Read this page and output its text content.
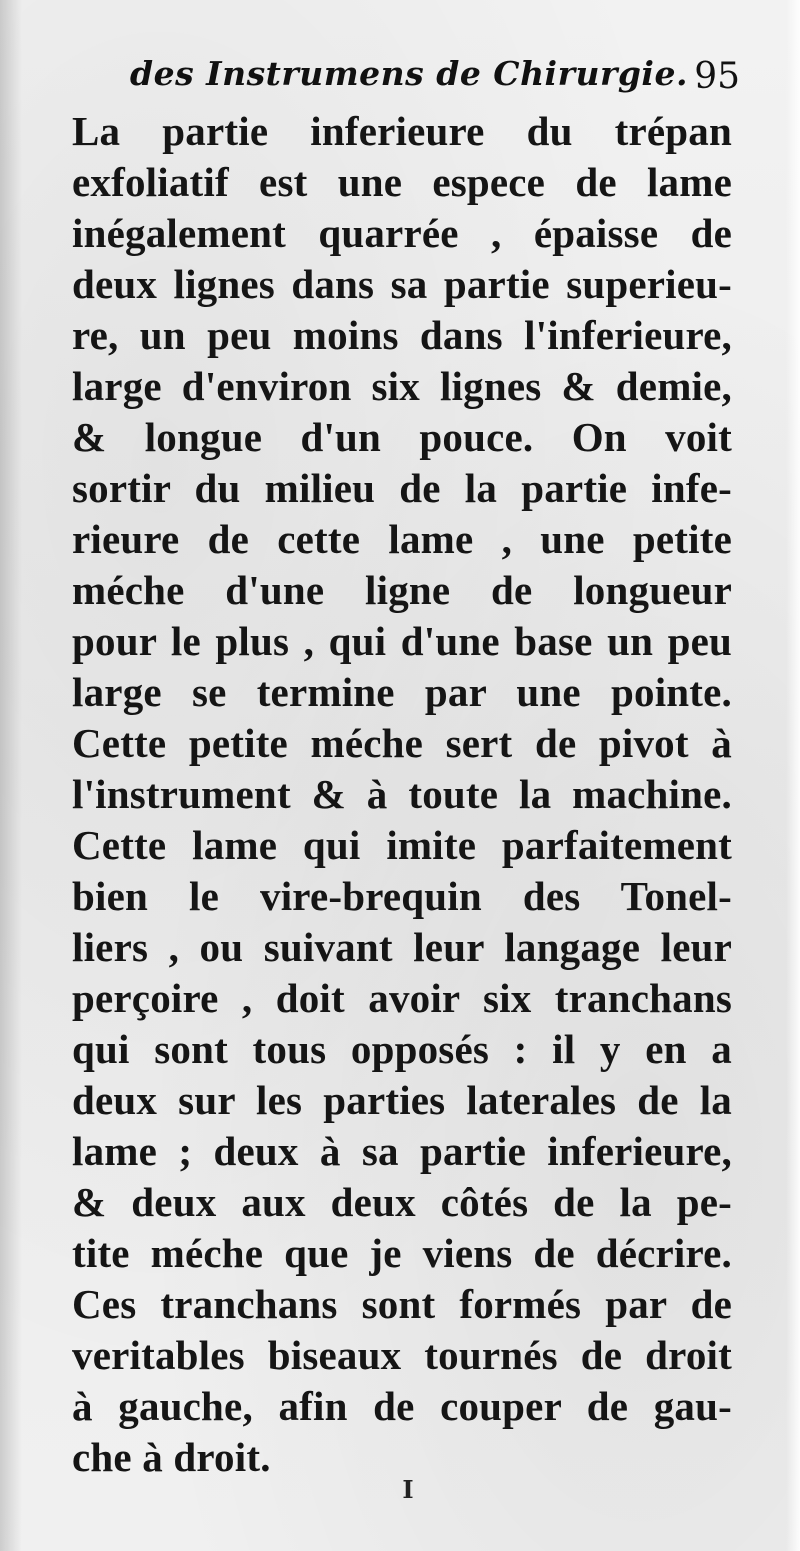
des Instrumens de Chirurgie. 95
La partie inferieure du trépan
exfoliatif est une espece de lame
inégalement quarrée , épaisse de
deux lignes dans sa partie superieu-
re, un peu moins dans l'inferieure,
large d'environ six lignes & demie,
& longue d'un pouce. On voit
sortir du milieu de la partie infe-
rieure de cette lame , une petite
méche d'une ligne de longueur
pour le plus , qui d'une base un peu
large se termine par une pointe.
Cette petite méche sert de pivot à
l'instrument & à toute la machine.
Cette lame qui imite parfaitement
bien le vire-brequin des Tonel-
liers , ou suivant leur langage leur
perçoire , doit avoir six tranchans
qui sont tous opposés : il y en a
deux sur les parties laterales de la
lame ; deux à sa partie inferieure,
& deux aux deux côtés de la pe-
tite méche que je viens de décrire.
Ces tranchans sont formés par de
veritables biseaux tournés de droit
à gauche, afin de couper de gau-
che à droit.
I
